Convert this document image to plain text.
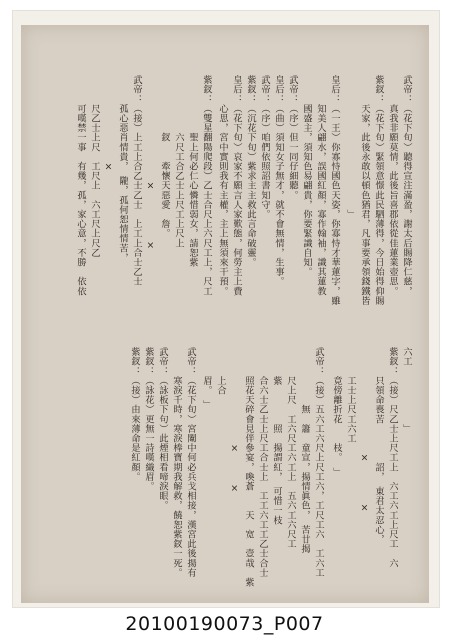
武帝：（花下旬）聽得宣注滿盈，謝太后賜降仁慈，
　　　真我非願莫情，此後旨喜郡依從佳蓮業壺思。
紫釵：（花下旬）緊領意憬此民駟薄得，今日始得仰賜
　　　天家，此後永敢以頓色猶君，凡事要承領錢鐵皆
　　　　　　　　　　　　　　」
皇后：（一王）你寡恃國色天姿，你寡恃才華蓮字，雖
　　　知美人翩水，誤國紅顏，寡作翰袖，識其蓮教
　　　國盛主，須知色易翩貴，你要緊識自知。
武帝：（序）但一同仔細聽。
皇后：（曲）須知女子無才，就不會無情，生事。
武帝：（序）咱們依照詔書知守。
紫釵：（沉花下旬）紫求主主救此言命破靈。
皇后：（花下旬）哀家不願言人家歎態，何勞主上費
　　　心思，宮中實則我有主權，主上無須來干預。
紫釵：（雙星翻陽爬段）乙士合尺上六尺工上，尺工
　　　　　　聖上何必仁心憐惜弱女，請恕紫
　　　　　　六尺工合乙士上尺工上尺上
　　　　　　釵　　牽懷天惡愛　詹。
　　　　　　　　　　　×　　　　　×
武帝：（接）上工上合乙士乙士　上工上合士乙士
　　　孤心惡肖情貴，　隴，孤何恕情情苦，
　　　　　　　　　×
　　　尺乙士上尺　工尺上　六工尺上尺乙
　　　可嘆禁一事　有幾，孤，家心意，不勝　依依
六工　　　　　　」
紫釵：（接）尺乙士上尺工上　六工六工上尺工　六
　　　只領命喪苦　　　　詔，　東君太忍心，
　　　　　　　　　　　×　　　　×
　　　工士上尺工六工
　　　竟傍離折花　　枝。　」
武帝：（接）五六工六尺上尺工六，工尺工六　工六工
　　　　　　無　簫　童宣，揚情眞色，　苦廿揭
　　　尺上尺　工六尺工六工上　五六工六尺工
　　　紫　　　　照　揚謂紅，　可惜一枝
　　　合六士乙士上尺工合士上　工工六工工乙士合士
　　　照花天碎會見伴參宴，喚蒼　　天　宽　壹哉　紫
　　　　　　　　　　×　　　×
　　　上合
　　　眉。　」
武帝：（花下旬）宮闈中何必兵戈相接，漢宮此後揚有
　　　寒淚千時，寒淚棒寶期我解救，饒恕紫釵一死。
武帝：（詠板下句）此煙相看啼淚眼。
紫釵：（詠花）更無一詩嘆織眉。
紫釵：（接）由來薄命是紅顏。
20100190073_P007
